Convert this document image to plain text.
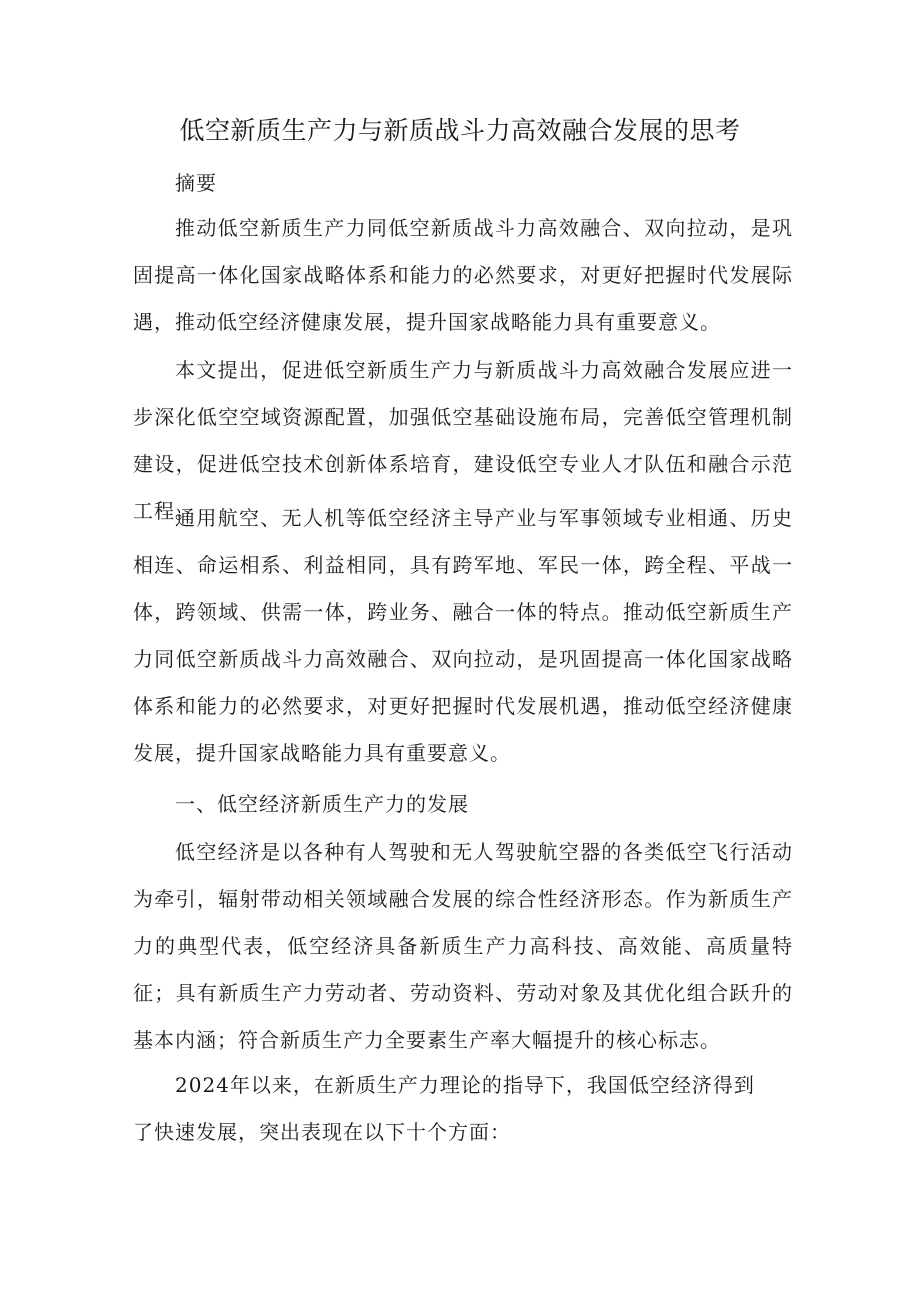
低空新质生产力与新质战斗力高效融合发展的思考
摘要
推动低空新质生产力同低空新质战斗力高效融合、双向拉动，是巩固提高一体化国家战略体系和能力的必然要求，对更好把握时代发展际遇，推动低空经济健康发展，提升国家战略能力具有重要意义。
本文提出，促进低空新质生产力与新质战斗力高效融合发展应进一步深化低空空域资源配置，加强低空基础设施布局，完善低空管理机制建设，促进低空技术创新体系培育，建设低空专业人才队伍和融合示范工程。
通用航空、无人机等低空经济主导产业与军事领域专业相通、历史相连、命运相系、利益相同，具有跨军地、军民一体，跨全程、平战一体，跨领域、供需一体，跨业务、融合一体的特点。推动低空新质生产力同低空新质战斗力高效融合、双向拉动，是巩固提高一体化国家战略体系和能力的必然要求，对更好把握时代发展机遇，推动低空经济健康发展，提升国家战略能力具有重要意义。
一、低空经济新质生产力的发展
低空经济是以各种有人驾驶和无人驾驶航空器的各类低空飞行活动为牵引，辐射带动相关领域融合发展的综合性经济形态。作为新质生产力的典型代表，低空经济具备新质生产力高科技、高效能、高质量特征；具有新质生产力劳动者、劳动资料、劳动对象及其优化组合跃升的基本内涵；符合新质生产力全要素生产率大幅提升的核心标志。
2024年以来，在新质生产力理论的指导下，我国低空经济得到
了快速发展，突出表现在以下十个方面：
